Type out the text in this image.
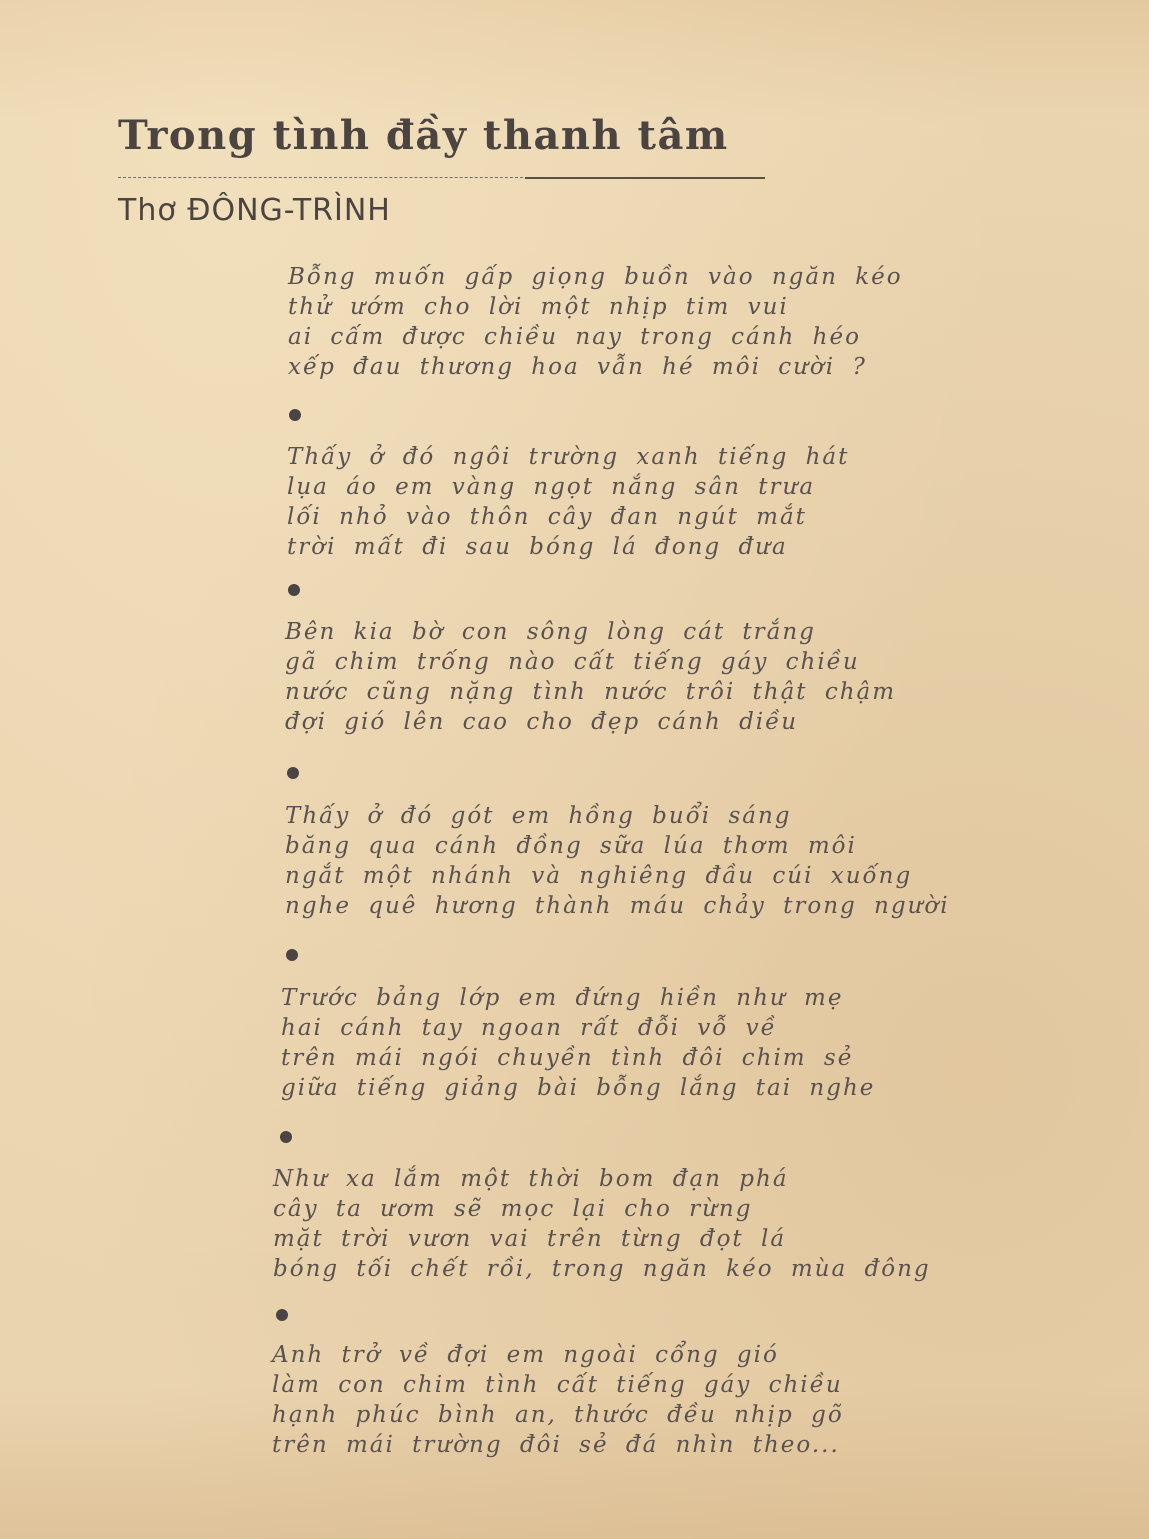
Trong tình đầy thanh tâm
Thơ ĐÔNG-TRÌNH
Bỗng muốn gấp giọng buồn vào ngăn kéo
thử ướm cho lời một nhịp tim vui
ai cấm được chiều nay trong cánh héo
xếp đau thương hoa vẫn hé môi cười ?
Thấy ở đó ngôi trường xanh tiếng hát
lụa áo em vàng ngọt nắng sân trưa
lối nhỏ vào thôn cây đan ngút mắt
trời mất đi sau bóng lá đong đưa
Bên kia bờ con sông lòng cát trắng
gã chim trống nào cất tiếng gáy chiều
nước cũng nặng tình nước trôi thật chậm
đợi gió lên cao cho đẹp cánh diều
Thấy ở đó gót em hồng buổi sáng
băng qua cánh đồng sữa lúa thơm môi
ngắt một nhánh và nghiêng đầu cúi xuống
nghe quê hương thành máu chảy trong người
Trước bảng lớp em đứng hiền như mẹ
hai cánh tay ngoan rất đỗi vỗ về
trên mái ngói chuyền tình đôi chim sẻ
giữa tiếng giảng bài bỗng lắng tai nghe
Như xa lắm một thời bom đạn phá
cây ta ươm sẽ mọc lại cho rừng
mặt trời vươn vai trên từng đọt lá
bóng tối chết rồi, trong ngăn kéo mùa đông
Anh trở về đợi em ngoài cổng gió
làm con chim tình cất tiếng gáy chiều
hạnh phúc bình an, thước đều nhịp gõ
trên mái trường đôi sẻ đá nhìn theo...
